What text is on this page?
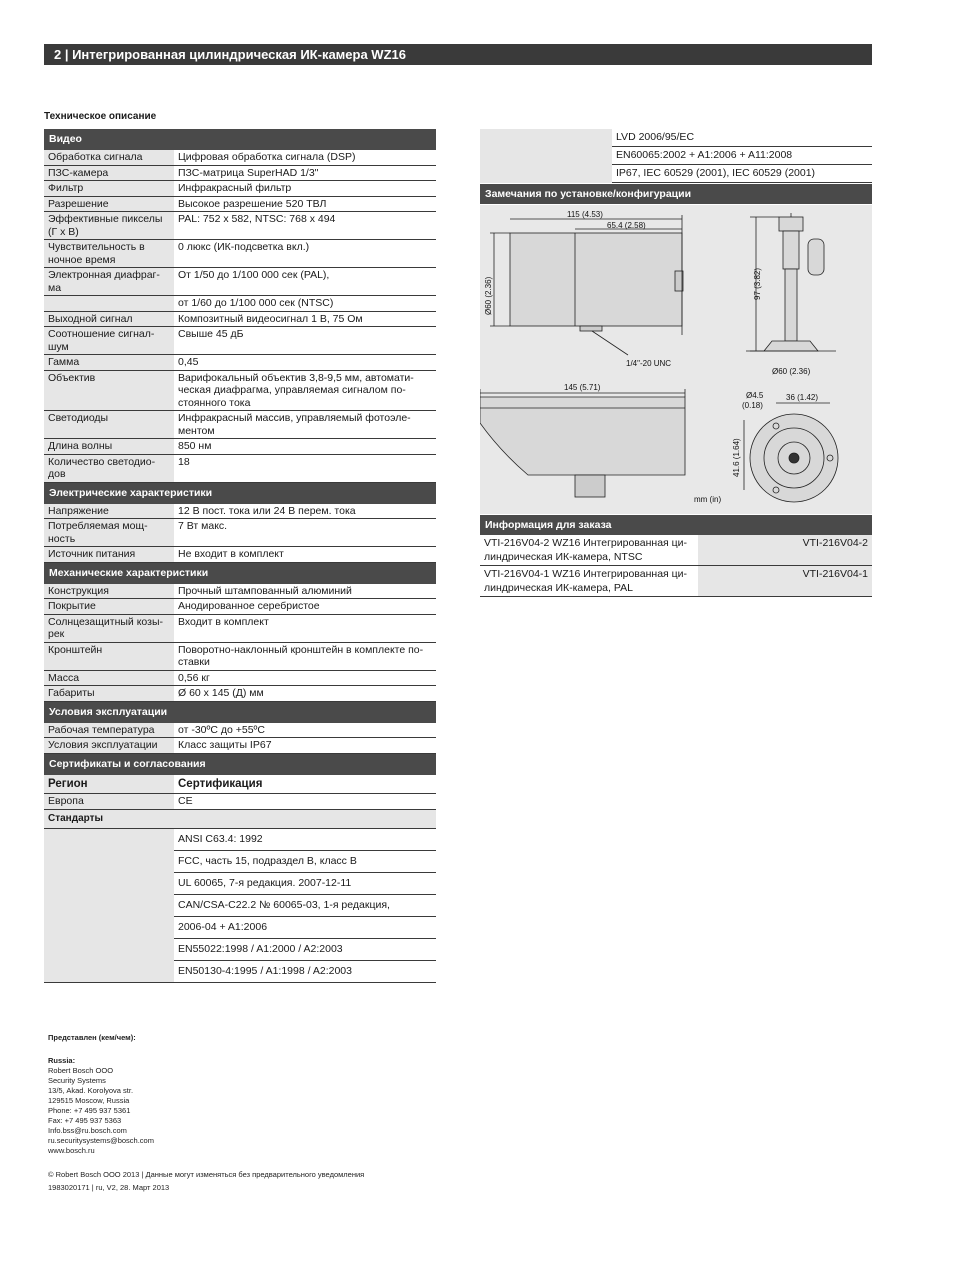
2 | Интегрированная цилиндрическая ИК-камера WZ16
Техническое описание
Видео	
Обработка сигнала	Цифровая обработка сигнала (DSP)
ПЗС-камера	ПЗС-матрица SuperHAD 1/3"
Фильтр	Инфракрасный фильтр
Разрешение	Высокое разрешение 520 ТВЛ
Эффективные пикселы (Г x В)	PAL: 752 x 582, NTSC: 768 x 494
Чувствительность в ночное время	0 люкс (ИК-подсветка вкл.)
Электронная диафраг-ма	От 1/50 до 1/100 000 сек (PAL),
	от 1/60 до 1/100 000 сек (NTSC)
Выходной сигнал	Композитный видеосигнал 1 В, 75 Ом
Соотношение сигнал-шум	Свыше 45 дБ
Гамма	0,45
Объектив	Варифокальный объектив 3,8-9,5 мм, автомати-ческая диафрагма, управляемая сигналом по-стоянного тока
Светодиоды	Инфракрасный массив, управляемый фотоэле-ментом
Длина волны	850 нм
Количество светодио-дов	18
Электрические характеристики	
Напряжение	12 В пост. тока или 24 В перем. тока
Потребляемая мощ-ность	7 Вт макс.
Источник питания	Не входит в комплект
Механические характеристики	
Конструкция	Прочный штампованный алюминий
Покрытие	Анодированное серебристое
Солнцезащитный козы-рек	Входит в комплект
Кронштейн	Поворотно-наклонный кронштейн в комплекте по-ставки
Масса	0,56 кг
Габариты	Ø 60 x 145 (Д) мм
Условия эксплуатации	
Рабочая температура	от -30ºC до +55ºC
Условия эксплуатации	Класс защиты IP67
Сертификаты и согласования	
Регион	Сертификация
Европа	CE
Стандарты	
	ANSI C63.4: 1992
	FCC, часть 15, подраздел B, класс B
	UL 60065, 7-я редакция. 2007-12-11
	CAN/CSA-C22.2 № 60065-03, 1-я редакция,
	2006-04 + A1:2006
	EN55022:1998 / A1:2000 / A2:2003
	EN50130-4:1995 / A1:1998 / A2:2003
	LVD 2006/95/EC
	EN60065:2002 + A1:2006 + A11:2008
	IP67, IEC 60529 (2001), IEC 60529 (2001)
Замечания по установке/конфигурации
115 (4.53)
65.4 (2.58)
Ø60 (2.36)
1/4"-20 UNC
145 (5.71)
97 (3.82)
Ø60 (2.36)
Ø4.5
(0.18)
36 (1.42)
41.6 (1.64)
mm (in)
Информация для заказа
VTI-216V04-2 WZ16 Интегрированная ци-линдрическая ИК-камера, NTSC	VTI-216V04-2
VTI-216V04-1 WZ16 Интегрированная ци-линдрическая ИК-камера, PAL	VTI-216V04-1
Представлен (кем/чем):
Russia:
Robert Bosch OOO
Security Systems
13/5, Akad. Korolyova str.
129515 Moscow, Russia
Phone: +7 495 937 5361
Fax: +7 495 937 5363
Info.bss@ru.bosch.com
ru.securitysystems@bosch.com
www.bosch.ru
© Robert Bosch OOO 2013 | Данные могут изменяться без предварительного уведомления
1983020171 | ru, V2, 28. Март 2013
